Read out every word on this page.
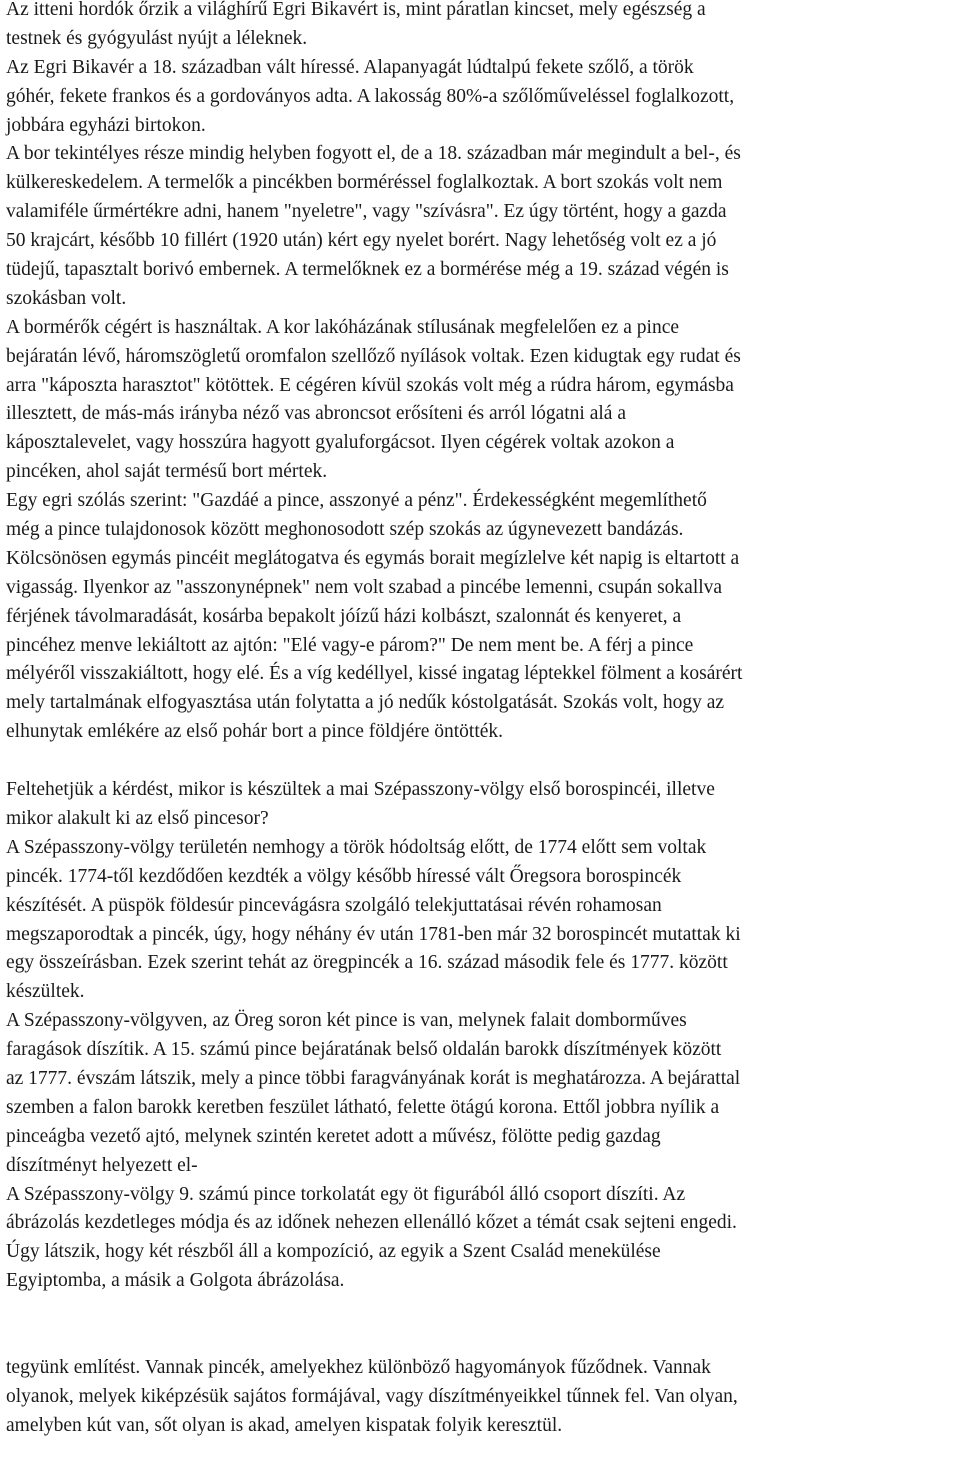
Az itteni hordók őrzik a világhírű Egri Bikavért is, mint páratlan kincset, mely egészség a
testnek és gyógyulást nyújt a léleknek.
Az Egri Bikavér a 18. században vált híressé. Alapanyagát lúdtalpú fekete szőlő, a török
góhér, fekete frankos és a gordoványos adta. A lakosság 80%-a szőlőműveléssel foglalkozott,
jobbára egyházi birtokon.
A bor tekintélyes része mindig helyben fogyott el, de a 18. században már megindult a bel-, és
külkereskedelem. A termelők a pincékben borméréssel foglalkoztak. A bort szokás volt nem
valamiféle űrmértékre adni, hanem "nyeletre", vagy "szívásra". Ez úgy történt, hogy a gazda
50 krajcárt, később 10 fillért (1920 után) kért egy nyelet borért. Nagy lehetőség volt ez a jó
tüdejű, tapasztalt borivó embernek. A termelőknek ez a bormérése még a 19. század végén is
szokásban volt.
A bormérők cégért is használtak. A kor lakóházának stílusának megfelelően ez a pince
bejáratán lévő, háromszögletű oromfalon szellőző nyílások voltak. Ezen kidugtak egy rudat és
arra "káposzta harasztot" kötöttek. E cégéren kívül szokás volt még a rúdra három, egymásba
illesztett, de más-más irányba néző vas abroncsot erősíteni és arról lógatni alá a
káposztalevelet, vagy hosszúra hagyott gyaluforgácsot. Ilyen cégérek voltak azokon a
pincéken, ahol saját termésű bort mértek.
Egy egri szólás szerint: "Gazdáé a pince, asszonyé a pénz". Érdekességként megemlíthető
még a pince tulajdonosok között meghonosodott szép szokás az úgynevezett bandázás.
Kölcsönösen egymás pincéit meglátogatva és egymás borait megízlelve két napig is eltartott a
vigasság. Ilyenkor az "asszonynépnek" nem volt szabad a pincébe lemenni, csupán sokallva
férjének távolmaradását, kosárba bepakolt jóízű házi kolbászt, szalonnát és kenyeret, a
pincéhez menve lekiáltott az ajtón: "Elé vagy-e párom?" De nem ment be. A férj a pince
mélyéről visszakiáltott, hogy elé. És a víg kedéllyel, kissé ingatag léptekkel fölment a kosárért
mely tartalmának elfogyasztása után folytatta a jó nedűk kóstolgatását. Szokás volt, hogy az
elhunytak emlékére az első pohár bort a pince földjére öntötték.
Feltehetjük a kérdést, mikor is készültek a mai Szépasszony-völgy első borospincéi, illetve
mikor alakult ki az első pincesor?
A Szépasszony-völgy területén nemhogy a török hódoltság előtt, de 1774 előtt sem voltak
pincék. 1774-től kezdődően kezdték a völgy később híressé vált Őregsora borospincék
készítését. A püspök földesúr pincevágásra szolgáló telekjuttatásai révén rohamosan
megszaporodtak a pincék, úgy, hogy néhány év után 1781-ben már 32 borospincét mutattak ki
egy összeírásban. Ezek szerint tehát az öregpincék a 16. század második fele és 1777. között
készültek.
A Szépasszony-völgyven, az Öreg soron két pince is van, melynek falait domborműves
faragások díszítik. A 15. számú pince bejáratának belső oldalán barokk díszítmények között
az 1777. évszám látszik, mely a pince többi faragványának korát is meghatározza. A bejárattal
szemben a falon barokk keretben feszület látható, felette ötágú korona. Ettől jobbra nyílik a
pinceágba vezető ajtó, melynek szintén keretet adott a művész, fölötte pedig gazdag
díszítményt helyezett el-
A Szépasszony-völgy 9. számú pince torkolatát egy öt figurából álló csoport díszíti. Az
ábrázolás kezdetleges módja és az időnek nehezen ellenálló kőzet a témát csak sejteni engedi.
Úgy látszik, hogy két részből áll a kompozíció, az egyik a Szent Család menekülése
Egyiptomba, a másik a Golgota ábrázolása.
tegyünk említést. Vannak pincék, amelyekhez különböző hagyományok fűződnek. Vannak
olyanok, melyek kiképzésük sajátos formájával, vagy díszítményeikkel tűnnek fel. Van olyan,
amelyben kút van, sőt olyan is akad, amelyen kispatak folyik keresztül.
